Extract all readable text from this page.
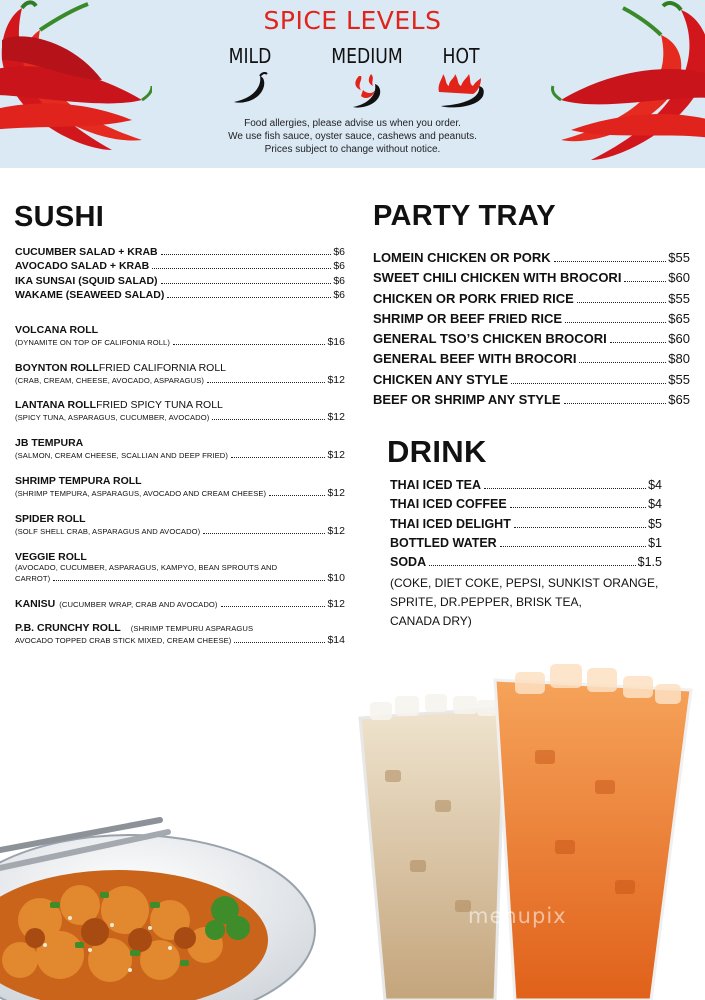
SPICE LEVELS
MILD	MEDIUM	HOT
Food allergies, please advise us when you order.
We use fish sauce, oyster sauce, cashews and peanuts.
Prices subject to change without notice.
SUSHI
CUCUMBER SALAD + KRAB	$6
AVOCADO SALAD + KRAB	$6
IKA SUNSAI (SQUID SALAD)	$6
WAKAME (SEAWEED SALAD)	$6
VOLCANA ROLL
(DYNAMITE ON TOP OF CALIFONIA ROLL)	$16
BOYNTON ROLL FRIED CALIFORNIA ROLL
(CRAB, CREAM, CHEESE, AVOCADO, ASPARAGUS)	$12
LANTANA ROLL FRIED SPICY TUNA ROLL
(SPICY TUNA, ASPARAGUS, CUCUMBER, AVOCADO)	$12
JB TEMPURA
(SALMON, CREAM CHEESE, SCALLIAN AND DEEP FRIED)	$12
SHRIMP TEMPURA ROLL
(SHRIMP TEMPURA, ASPARAGUS, AVOCADO AND CREAM CHEESE)	$12
SPIDER ROLL
(SOLF SHELL CRAB, ASPARAGUS AND AVOCADO)	$12
VEGGIE ROLL
(AVOCADO, CUCUMBER, ASPARAGUS, KAMPYO, BEAN SPROUTS AND
CARROT)	$10
KANISU (CUCUMBER WRAP, CRAB AND AVOCADO)	$12
P.B. CRUNCHY ROLL (SHRIMP TEMPURU ASPARAGUS
AVOCADO TOPPED CRAB STICK MIXED, CREAM CHEESE)	$14
PARTY TRAY
LOMEIN CHICKEN OR PORK	$55
SWEET CHILI CHICKEN WITH BROCORI	$60
CHICKEN OR PORK FRIED RICE	$55
SHRIMP OR BEEF FRIED RICE	$65
GENERAL TSO’S CHICKEN BROCORI	$60
GENERAL BEEF WITH BROCORI	$80
CHICKEN ANY STYLE	$55
BEEF OR SHRIMP ANY STYLE	$65
DRINK
THAI ICED TEA	$4
THAI ICED COFFEE	$4
THAI ICED DELIGHT	$5
BOTTLED WATER	$1
SODA	$1.5
(COKE, DIET COKE, PEPSI, SUNKIST ORANGE,
SPRITE, DR.PEPPER, BRISK TEA,
CANADA DRY)
menupix
